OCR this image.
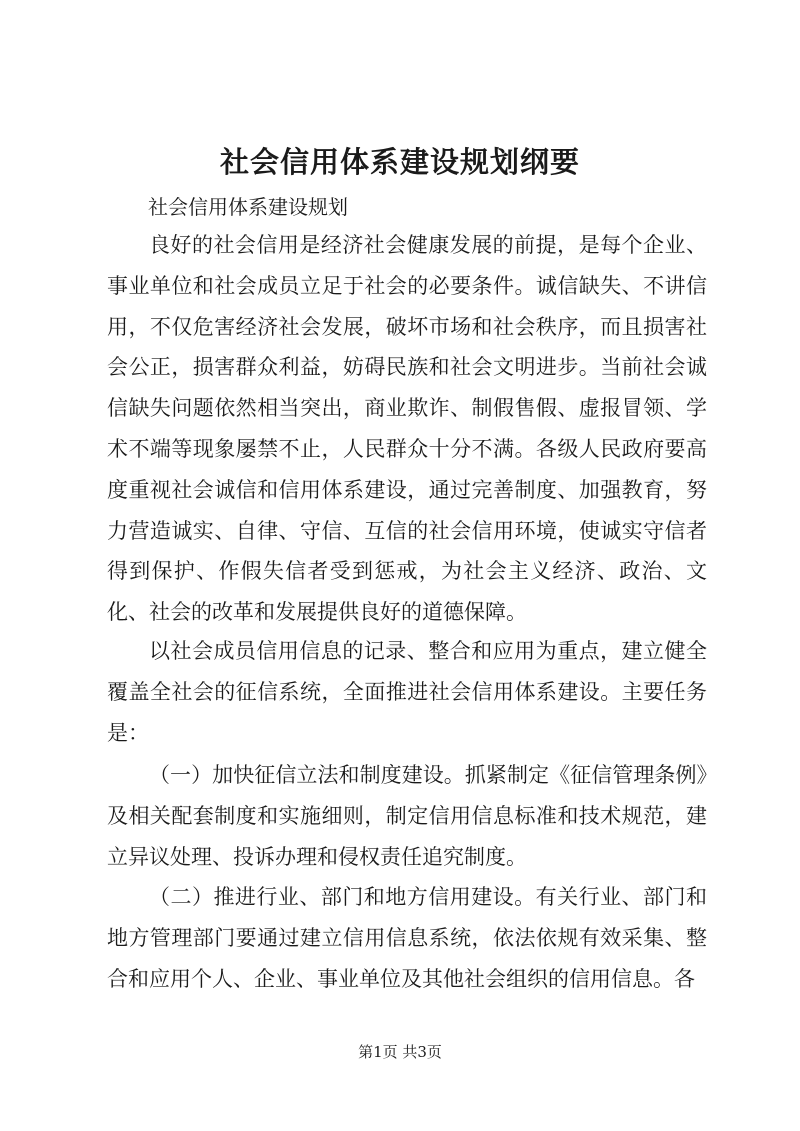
社会信用体系建设规划纲要
社会信用体系建设规划

良好的社会信用是经济社会健康发展的前提，是每个企业、事业单位和社会成员立足于社会的必要条件。诚信缺失、不讲信用，不仅危害经济社会发展，破坏市场和社会秩序，而且损害社会公正，损害群众利益，妨碍民族和社会文明进步。当前社会诚信缺失问题依然相当突出，商业欺诈、制假售假、虚报冒领、学术不端等现象屡禁不止，人民群众十分不满。各级人民政府要高度重视社会诚信和信用体系建设，通过完善制度、加强教育，努力营造诚实、自律、守信、互信的社会信用环境，使诚实守信者得到保护、作假失信者受到惩戒，为社会主义经济、政治、文化、社会的改革和发展提供良好的道德保障。

以社会成员信用信息的记录、整合和应用为重点，建立健全覆盖全社会的征信系统，全面推进社会信用体系建设。主要任务是：

（一）加快征信立法和制度建设。抓紧制定《征信管理条例》及相关配套制度和实施细则，制定信用信息标准和技术规范，建立异议处理、投诉办理和侵权责任追究制度。

（二）推进行业、部门和地方信用建设。有关行业、部门和地方管理部门要通过建立信用信息系统，依法依规有效采集、整合和应用个人、企业、事业单位及其他社会组织的信用信息。各

第1页 共3页
